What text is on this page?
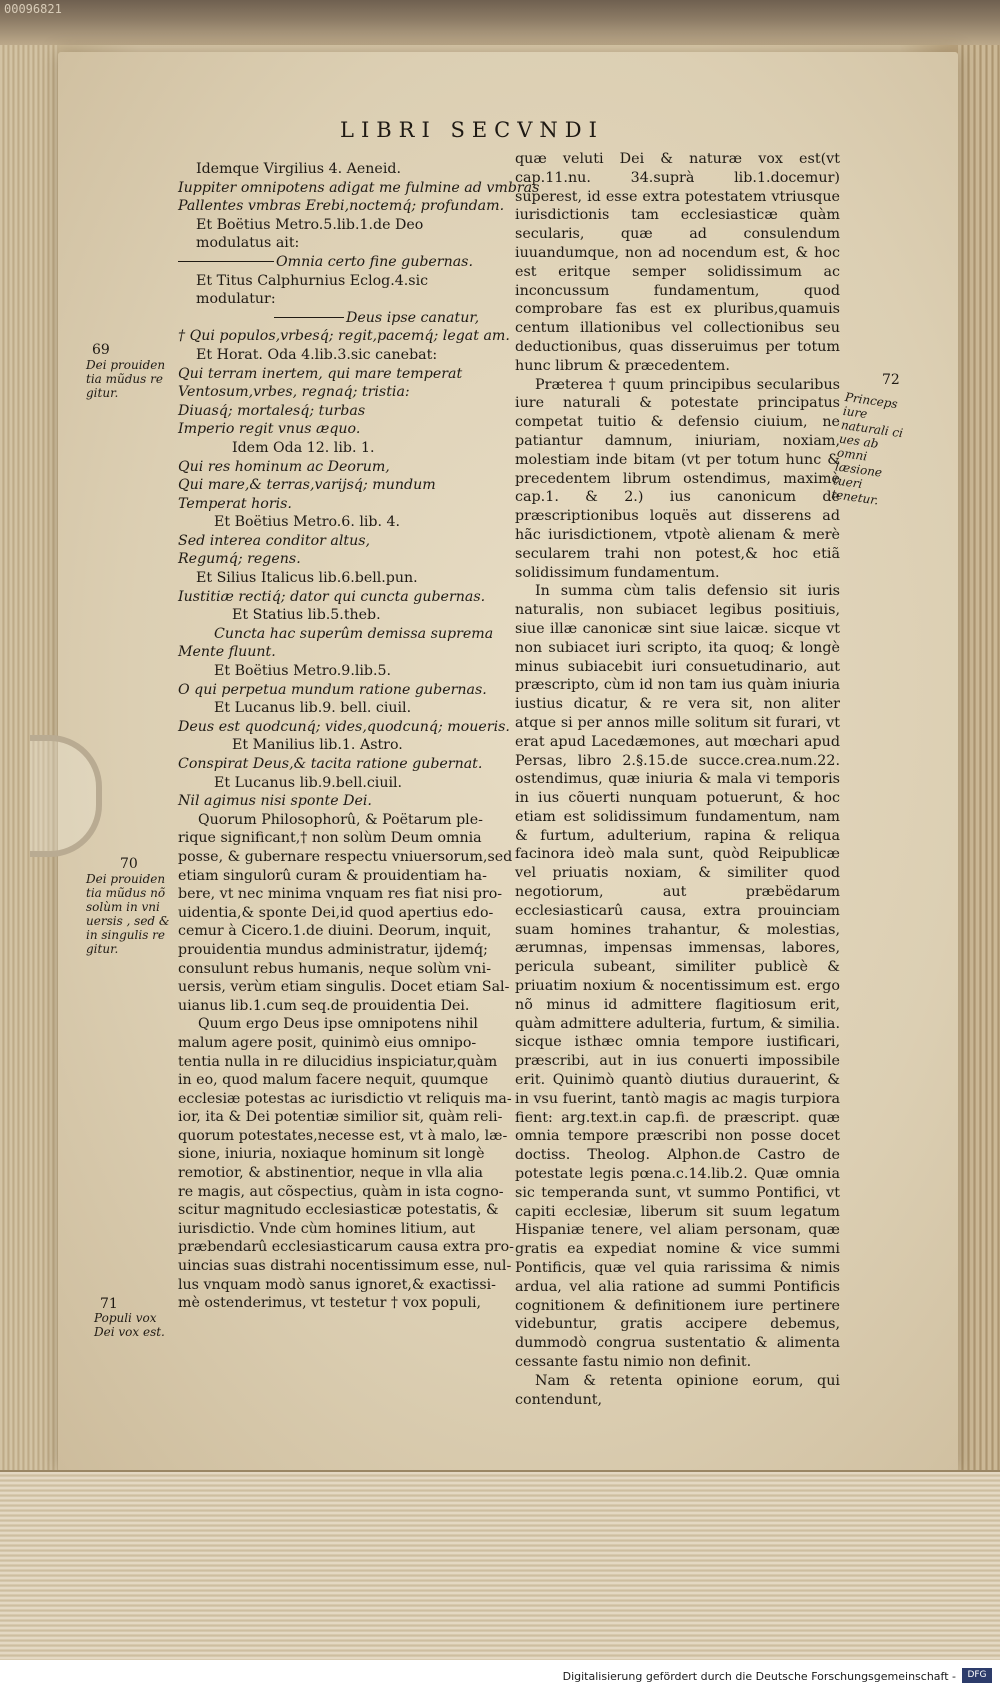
00096821
LIBRI SECVNDI
Idemque Virgilius 4. Aeneid.
Iuppiter omnipotens adigat me fulmine ad vmbras
Pallentes vmbras Erebi,noctemq́; profundam.
Et Boëtius Metro.5.lib.1.de Deo
modulatus ait:
Omnia certo fine gubernas.
Et Titus Calphurnius Eclog.4.sic
modulatur:
Deus ipse canatur,
† Qui populos,vrbesq́; regit,pacemq́; legat am.
Et Horat. Oda 4.lib.3.sic canebat:
Qui terram inertem, qui mare temperat
Ventosum,vrbes, regnaq́; tristia:
Diuasq́; mortalesq́; turbas
Imperio regit vnus æquo.
Idem Oda 12. lib. 1.
Qui res hominum ac Deorum,
Qui mare,& terras,varijsq́; mundum
Temperat horis.
Et Boëtius Metro.6. lib. 4.
Sed interea conditor altus,
Regumq́; regens.
Et Silius Italicus lib.6.bell.pun.
Iustitiæ rectiq́; dator qui cuncta gubernas.
Et Statius lib.5.theb.
Cuncta hac superûm demissa suprema
Mente fluunt.
Et Boëtius Metro.9.lib.5.
O qui perpetua mundum ratione gubernas.
Et Lucanus lib.9. bell. ciuil.
Deus est quodcunq́; vides,quodcunq́; moueris.
Et Manilius lib.1. Astro.
Conspirat Deus,& tacita ratione gubernat.
Et Lucanus lib.9.bell.ciuil.
Nil agimus nisi sponte Dei.
Quorum Philosophorû, & Poëtarum ple-
rique significant,† non solùm Deum omnia
posse, & gubernare respectu vniuersorum,sed
etiam singulorû curam & prouidentiam ha-
bere, vt nec minima vnquam res fiat nisi pro-
uidentia,& sponte Dei,id quod apertius edo-
cemur à Cicero.1.de diuini. Deorum, inquit,
prouidentia mundus administratur, ijdemq́;
consulunt rebus humanis, neque solùm vni-
uersis, verùm etiam singulis. Docet etiam Sal-
uianus lib.1.cum seq.de prouidentia Dei.
Quum ergo Deus ipse omnipotens nihil
malum agere posit, quinimò eius omnipo-
tentia nulla in re dilucidius inspiciatur,quàm
in eo, quod malum facere nequit, quumque
ecclesiæ potestas ac iurisdictio vt reliquis ma-
ior, ita & Dei potentiæ similior sit, quàm reli-
quorum potestates,necesse est, vt à malo, læ-
sione, iniuria, noxiaque hominum sit longè
remotior, & abstinentior, neque in vlla alia
re magis, aut cõspectius, quàm in ista cogno-
scitur magnitudo ecclesiasticæ potestatis, &
iurisdictio. Vnde cùm homines litium, aut
præbendarû ecclesiasticarum causa extra pro-
uincias suas distrahi nocentissimum esse, nul-
lus vnquam modò sanus ignoret,& exactissi-
mè ostenderimus, vt testetur † vox populi,

quæ veluti Dei & naturæ vox est(vt cap.11.nu. 34.suprà lib.1.docemur) superest, id esse extra potestatem vtriusque iurisdictionis tam ecclesiasticæ quàm secularis, quæ ad consulendum iuuandumque, non ad nocendum est, & hoc est eritque semper solidissimum ac inconcussum fundamentum, quod comprobare fas est ex pluribus,quamuis centum illationibus vel collectionibus seu deductionibus, quas disseruimus per totum hunc librum & præcedentem.

Præterea † quum principibus secularibus iure naturali & potestate principatus competat tuitio & defensio ciuium, ne patiantur damnum, iniuriam, noxiam, molestiam inde bitam (vt per totum hunc & precedentem librum ostendimus, maximè cap.1. & 2.) ius canonicum de præscriptionibus loquës aut disserens ad hãc iurisdictionem, vtpotè alienam & merè secularem trahi non potest,& hoc etiã solidissimum fundamentum.

In summa cùm talis defensio sit iuris naturalis, non subiacet legibus positiuis, siue illæ canonicæ sint siue laicæ. sicque vt non subiacet iuri scripto, ita quoq; & longè minus subiacebit iuri consuetudinario, aut præscripto, cùm id non tam ius quàm iniuria iustius dicatur, & re vera sit, non aliter atque si per annos mille solitum sit furari, vt erat apud Lacedæmones, aut mœchari apud Persas, libro 2.§.15.de succe.crea.num.22. ostendimus, quæ iniuria & mala vi temporis in ius cõuerti nunquam potuerunt, & hoc etiam est solidissimum fundamentum, nam & furtum, adulterium, rapina & reliqua facinora ideò mala sunt, quòd Reipublicæ vel priuatis noxiam, & similiter quod negotiorum, aut præbëdarum ecclesiasticarû causa, extra prouinciam suam homines trahantur, & molestias, ærumnas, impensas immensas, labores, pericula subeant, similiter publicè & priuatim noxium & nocentissimum est. ergo nõ minus id admittere flagitiosum erit, quàm admittere adulteria, furtum, & similia. sicque isthæc omnia tempore iustificari, præscribi, aut in ius conuerti impossibile erit. Quinimò quantò diutius durauerint, & in vsu fuerint, tantò magis ac magis turpiora fient: arg.text.in cap.fi. de præscript. quæ omnia tempore præscribi non posse docet doctiss. Theolog. Alphon.de Castro de potestate legis pœna.c.14.lib.2. Quæ omnia sic temperanda sunt, vt summo Pontifici, vt capiti ecclesiæ, liberum sit suum legatum Hispaniæ tenere, vel aliam personam, quæ gratis ea expediat nomine & vice summi Pontificis, quæ vel quia rarissima & nimis ardua, vel alia ratione ad summi Pontificis cognitionem & definitionem iure pertinere videbuntur, gratis accipere debemus, dummodò congrua sustentatio & alimenta cessante fastu nimio non definit.

Nam & retenta opinione eorum, qui contendunt,

69
Dei prouiden tia mũdus re gitur.
70
Dei prouiden tia mũdus nõ solùm in vni uersis , sed & in singulis re gitur.
71
Populi vox Dei vox est.
72
Princeps iure naturali ci ues ab omni læsione tueri tenetur.
Digitalisierung gefördert durch die Deutsche Forschungsgemeinschaft -	DFG
